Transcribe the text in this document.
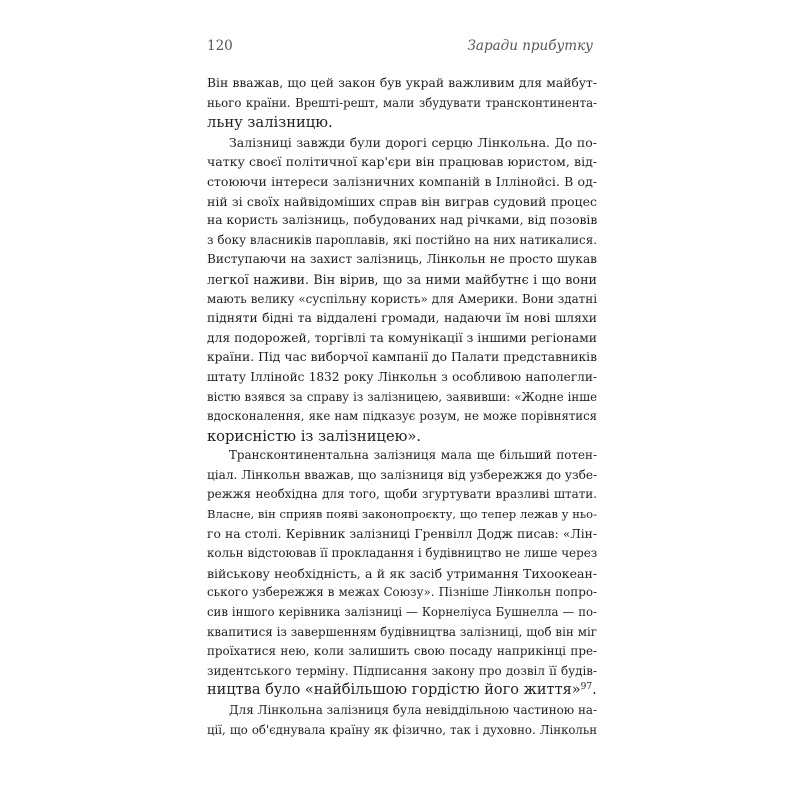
120	Заради прибутку
Він вважав, що цей закон був украй важливим для майбут-
нього країни. Врешті-решт, мали збудувати трансконтинента-
льну залізницю.
Залізниці завжди були дорогі серцю Лінкольна. До по-
чатку своєї політичної кар'єри він працював юристом, від-
стоюючи інтереси залізничних компаній в Іллінойсі. В од-
ній зі своїх найвідоміших справ він виграв судовий процес
на користь залізниць, побудованих над річками, від позовів
з боку власників пароплавів, які постійно на них натикалися.
Виступаючи на захист залізниць, Лінкольн не просто шукав
легкої наживи. Він вірив, що за ними майбутнє і що вони
мають велику «суспільну користь» для Америки. Вони здатні
підняти бідні та віддалені громади, надаючи їм нові шляхи
для подорожей, торгівлі та комунікації з іншими регіонами
країни. Під час виборчої кампанії до Палати представників
штату Іллінойс 1832 року Лінкольн з особливою наполегли-
вістю взявся за справу із залізницею, заявивши: «Жодне інше
вдосконалення, яке нам підказує розум, не може порівнятися
корисністю із залізницею».
Трансконтинентальна залізниця мала ще більший потен-
ціал. Лінкольн вважав, що залізниця від узбережжя до узбе-
режжя необхідна для того, щоби згуртувати вразливі штати.
Власне, він сприяв появі законопроєкту, що тепер лежав у ньо-
го на столі. Керівник залізниці Гренвілл Додж писав: «Лін-
кольн відстоював її прокладання і будівництво не лише через
військову необхідність, а й як засіб утримання Тихоокеан-
ського узбережжя в межах Союзу». Пізніше Лінкольн попро-
сив іншого керівника залізниці — Корнеліуса Бушнелла — по-
квапитися із завершенням будівництва залізниці, щоб він міг
проїхатися нею, коли залишить свою посаду наприкінці пре-
зидентського терміну. Підписання закону про дозвіл її будів-
ництва було «найбільшою гордістю його життя»$^{97}$.
Для Лінкольна залізниця була невіддільною частиною на-
ції, що об'єднувала країну як фізично, так і духовно. Лінкольн
